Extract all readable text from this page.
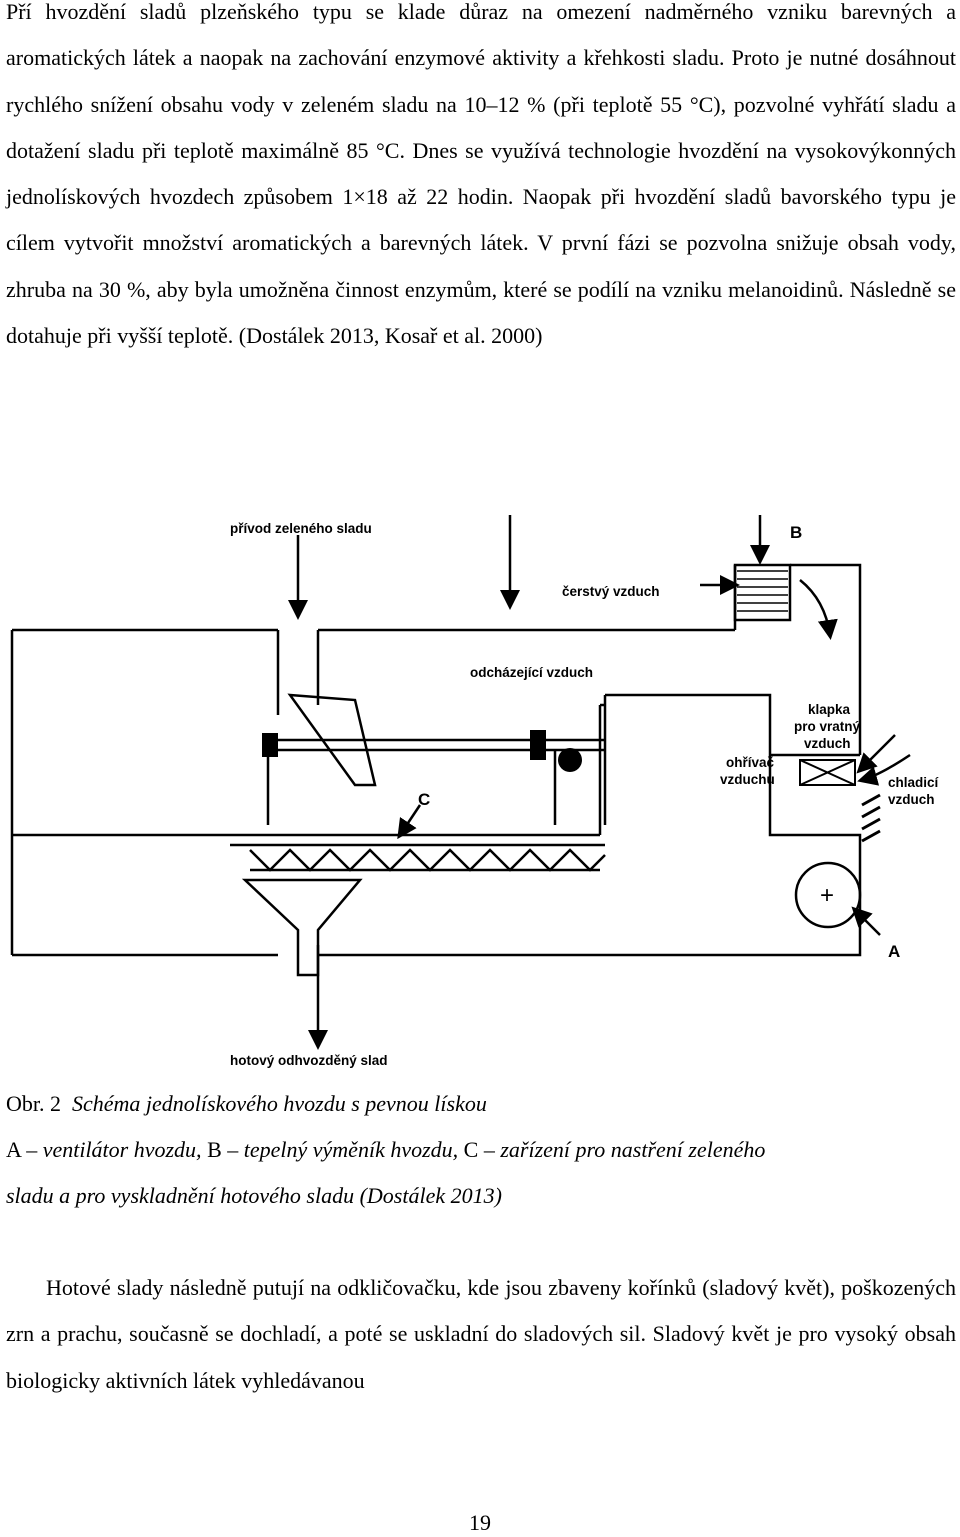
Pří hvozdění sladů plzeňského typu se klade důraz na omezení nadměrného vzniku barevných a aromatických látek a naopak na zachování enzymové aktivity a křehkosti sladu. Proto je nutné dosáhnout rychlého snížení obsahu vody v zeleném sladu na 10–12 % (při teplotě 55 °C), pozvolné vyhřátí sladu a dotažení sladu při teplotě maximálně 85 °C. Dnes se využívá technologie hvozdění na vysokovýkonných jednolískových hvozdech způsobem 1×18 až 22 hodin. Naopak při hvozdění sladů bavorského typu je cílem vytvořit množství aromatických a barevných látek. V první fázi se pozvolna snižuje obsah vody, zhruba na 30 %, aby byla umožněna činnost enzymům, které se podílí na vzniku melanoidinů. Následně se dotahuje při vyšší teplotě. (Dostálek 2013, Kosař et al. 2000)

přívod zeleného sladu
čerstvý vzduch
odcházející vzduch
klapka
pro vratný
vzduch
ohřívač
vzduchu	chladicí
vzduch
hotový odhvozděný slad
B
C
A
+

Obr. 2 Schéma jednolískového hvozdu s pevnou lískou

A – ventilátor hvozdu, B – tepelný výměník hvozdu, C – zařízení pro nastření zeleného
sladu a pro vyskladnění hotového sladu (Dostálek 2013)

Hotové slady následně putují na odkličovačku, kde jsou zbaveny kořínků (sladový květ), poškozených zrn a prachu, současně se dochladí, a poté se uskladní do sladových sil. Sladový květ je pro vysoký obsah biologicky aktivních látek vyhledávanou

19
